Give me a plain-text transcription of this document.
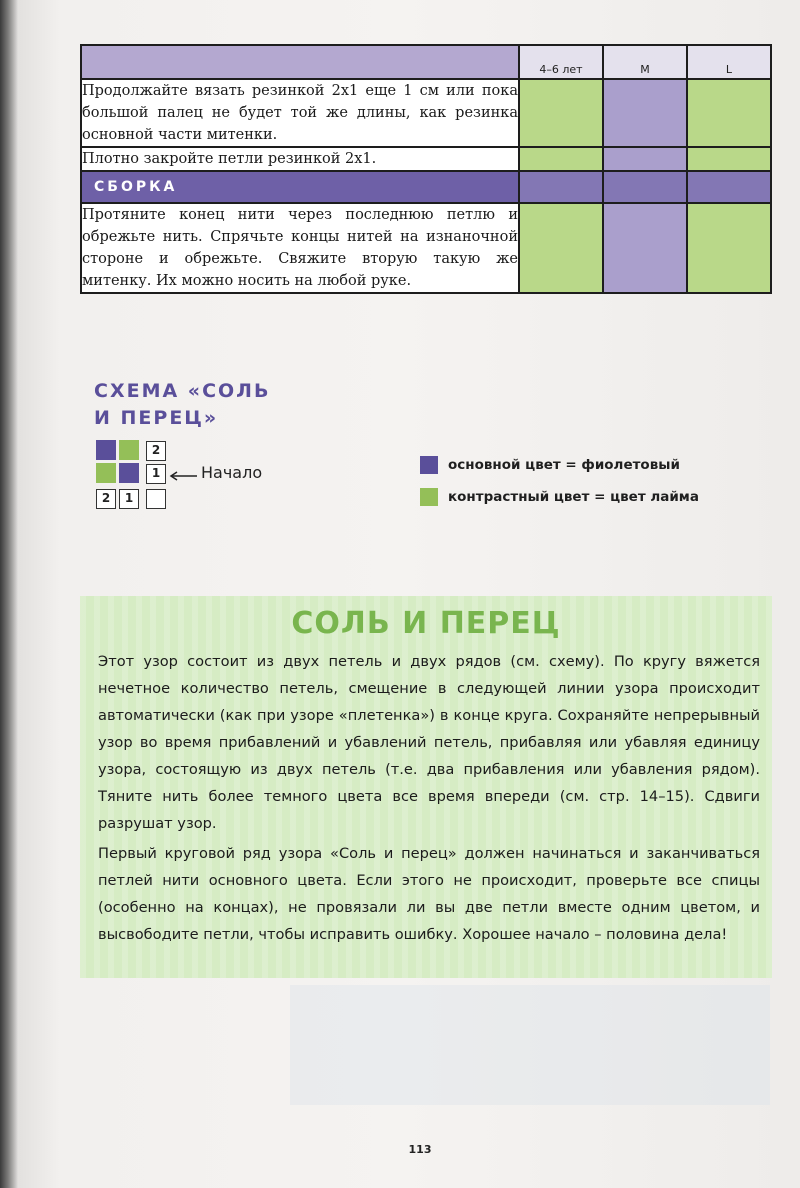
	4–6 лет	M	L
Продолжайте вязать резинкой 2x1 еще 1 см или пока большой палец не будет той же длины, как резинка основной части митенки.			
Плотно закройте петли резинкой 2x1.			
СБОРКА			
Протяните конец нити через последнюю петлю и обрежьте нить. Спрячьте концы нитей на изнаночной стороне и обрежьте. Свяжите вторую такую же митенку. Их можно носить на любой руке.			
СХЕМА «СОЛЬ
И ПЕРЕЦ»
2
1
2	1
Начало	основной цвет = фиолетовый
контрастный цвет = цвет лайма
СОЛЬ И ПЕРЕЦ

Этот узор состоит из двух петель и двух рядов (см. схему). По кругу вяжется нечетное количество петель, смещение в следующей линии узора происходит автоматически (как при узоре «плетенка») в конце круга. Сохраняйте непрерывный узор во время прибавлений и убавлений петель, прибавляя или убавляя единицу узора, состоящую из двух петель (т.е. два прибавления или убавления рядом). Тяните нить более темного цвета все время впереди (см. стр. 14–15). Сдвиги разрушат узор.

Первый круговой ряд узора «Соль и перец» должен начинаться и заканчиваться петлей нити основного цвета. Если этого не происходит, проверьте все спицы (особенно на концах), не провязали ли вы две петли вместе одним цветом, и высвободите петли, чтобы исправить ошибку. Хорошее начало – половина дела!

113
